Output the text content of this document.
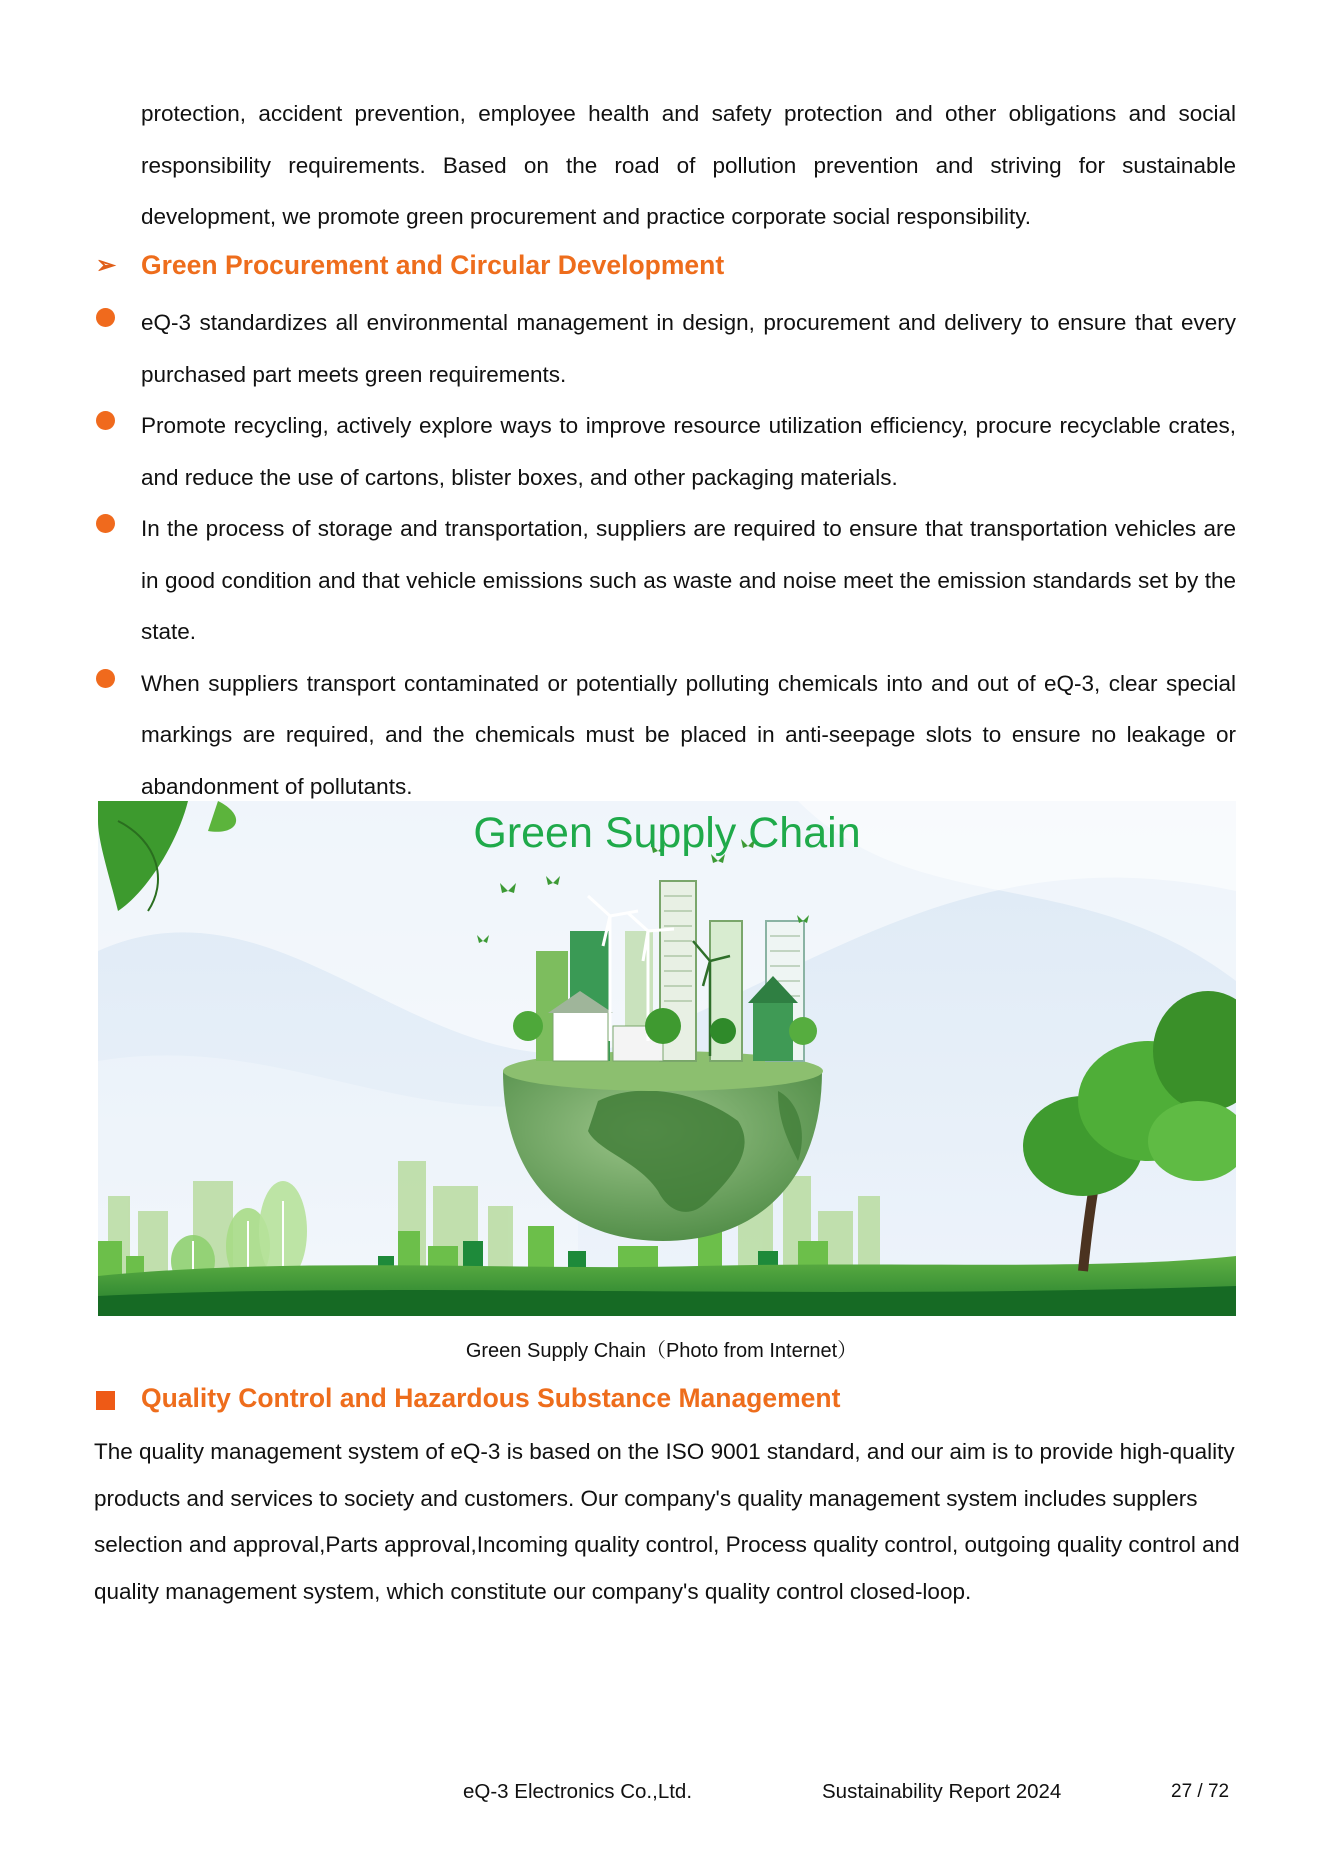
protection, accident prevention, employee health and safety protection and other obligations and social responsibility requirements. Based on the road of pollution prevention and striving for sustainable development, we promote green procurement and practice corporate social responsibility.

➢ Green Procurement and Circular Development
eQ-3 standardizes all environmental management in design, procurement and delivery to ensure that every purchased part meets green requirements.
Promote recycling, actively explore ways to improve resource utilization efficiency, procure recyclable crates, and reduce the use of cartons, blister boxes, and other packaging materials.
In the process of storage and transportation, suppliers are required to ensure that transportation vehicles are in good condition and that vehicle emissions such as waste and noise meet the emission standards set by the state.
When suppliers transport contaminated or potentially polluting chemicals into and out of eQ-3, clear special markings are required, and the chemicals must be placed in anti-seepage slots to ensure no leakage or abandonment of pollutants.
Green Supply Chain
Green Supply Chain（Photo from Internet）
Quality Control and Hazardous Substance Management

The quality management system of eQ-3 is based on the ISO 9001 standard, and our aim is to provide high-quality products and services to society and customers. Our company's quality management system includes supplers selection and approval,Parts approval,Incoming quality control, Process quality control, outgoing quality control and quality management system, which constitute our company's quality control closed-loop.

eQ-3 Electronics Co.,Ltd.	Sustainability Report 2024	27 / 72
